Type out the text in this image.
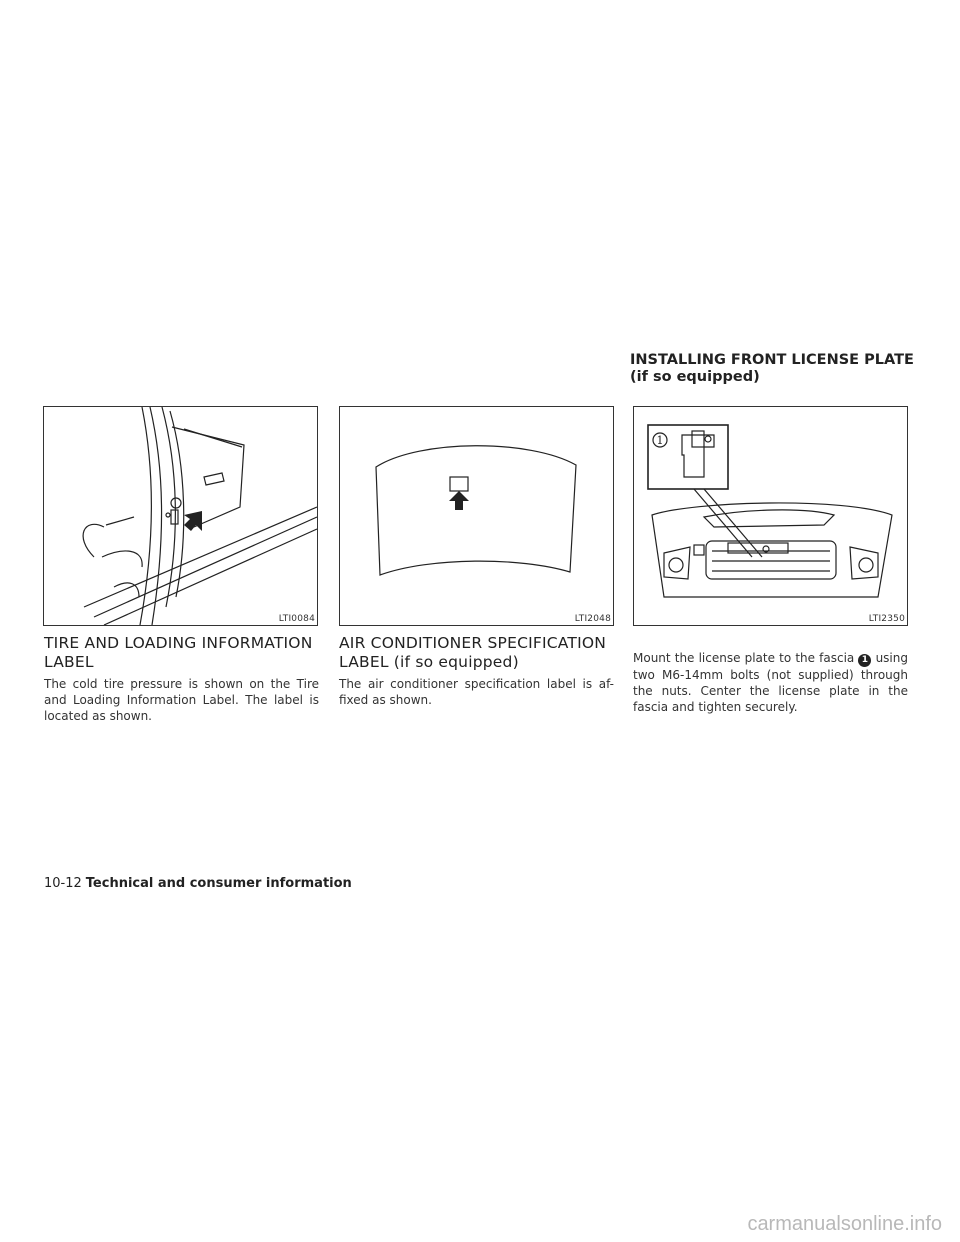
INSTALLING FRONT LICENSE PLATE
(if so equipped)
LTI0084	LTI2048
1
LTI2350
TIRE AND LOADING INFORMATION
LABEL
The cold tire pressure is shown on the Tire and Loading Information Label. The label is located as shown.
AIR CONDITIONER SPECIFICATION
LABEL (if so equipped)
The air conditioner specification label is af-fixed as shown.
Mount the license plate to the fascia 1 using two M6-14mm bolts (not supplied) through the nuts. Center the license plate in the fascia and tighten securely.
10-12 Technical and consumer information
carmanualsonline.info
